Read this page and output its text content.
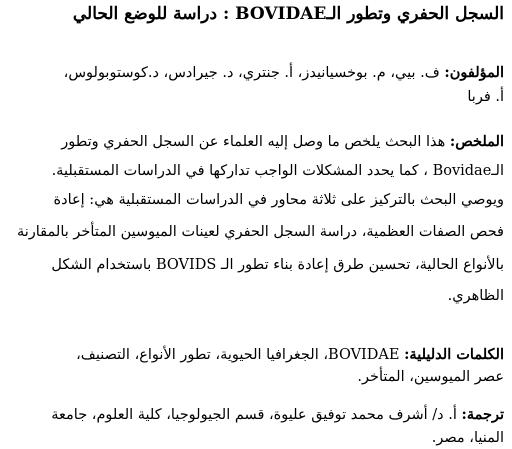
السجل الحفري وتطور الـBOVIDAE : دراسة للوضع الحالي
المؤلفون: ف. بيي، م. بوخسيانيدز، أ. جنتري، د. جيرادس، د.كوستوبولوس،
أ. فربا
الملخص: هذا البحث يلخص ما وصل إليه العلماء عن السجل الحفري وتطور
الـBovidae ، كما يحدد المشكلات الواجب تداركها في الدراسات المستقبلية.
ويوصي البحث بالتركيز على ثلاثة محاور في الدراسات المستقبلية هي: إعادة
فحص الصفات العظمية، دراسة السجل الحفري لعينات الميوسين المتأخر بالمقارنة
بالأنواع الحالية، تحسين طرق إعادة بناء تطور الـ BOVIDS باستخدام الشكل
الظاهري.
الكلمات الدليلية: BOVIDAE، الجغرافيا الحيوية، تطور الأنواع، التصنيف،
عصر الميوسين، المتأخر.
ترجمة: أ. د/ أشرف محمد توفيق عليوة، قسم الجيولوجيا، كلية العلوم، جامعة
المنيا، مصر.
